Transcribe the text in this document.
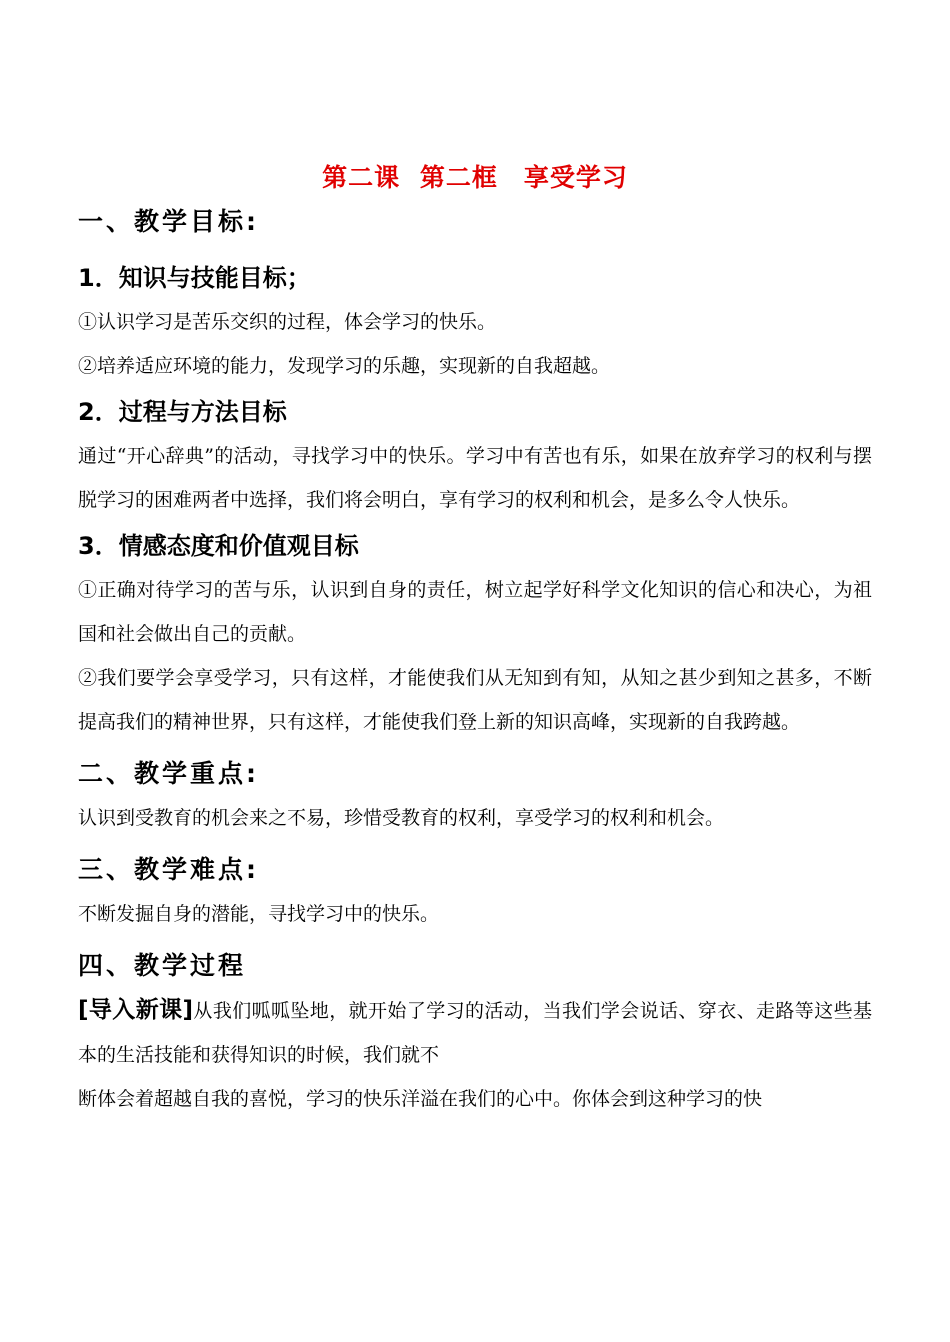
第二课 第二框　享受学习

一、教学目标:

1．知识与技能目标；

①认识学习是苦乐交织的过程，体会学习的快乐。

②培养适应环境的能力，发现学习的乐趣，实现新的自我超越。

2．过程与方法目标

通过“开心辞典”的活动，寻找学习中的快乐。学习中有苦也有乐，如果在放弃学习的权利与摆脱学习的困难两者中选择，我们将会明白，享有学习的权利和机会，是多么令人快乐。

3．情感态度和价值观目标

①正确对待学习的苦与乐，认识到自身的责任，树立起学好科学文化知识的信心和决心，为祖国和社会做出自己的贡献。

②我们要学会享受学习，只有这样，才能使我们从无知到有知，从知之甚少到知之甚多，不断提高我们的精神世界，只有这样，才能使我们登上新的知识高峰，实现新的自我跨越。

二、教学重点:

认识到受教育的机会来之不易，珍惜受教育的权利，享受学习的权利和机会。

三、教学难点:

不断发掘自身的潜能，寻找学习中的快乐。

四、教学过程

[导入新课]从我们呱呱坠地，就开始了学习的活动，当我们学会说话、穿衣、走路等这些基本的生活技能和获得知识的时候，我们就不

断体会着超越自我的喜悦，学习的快乐洋溢在我们的心中。你体会到这种学习的快
